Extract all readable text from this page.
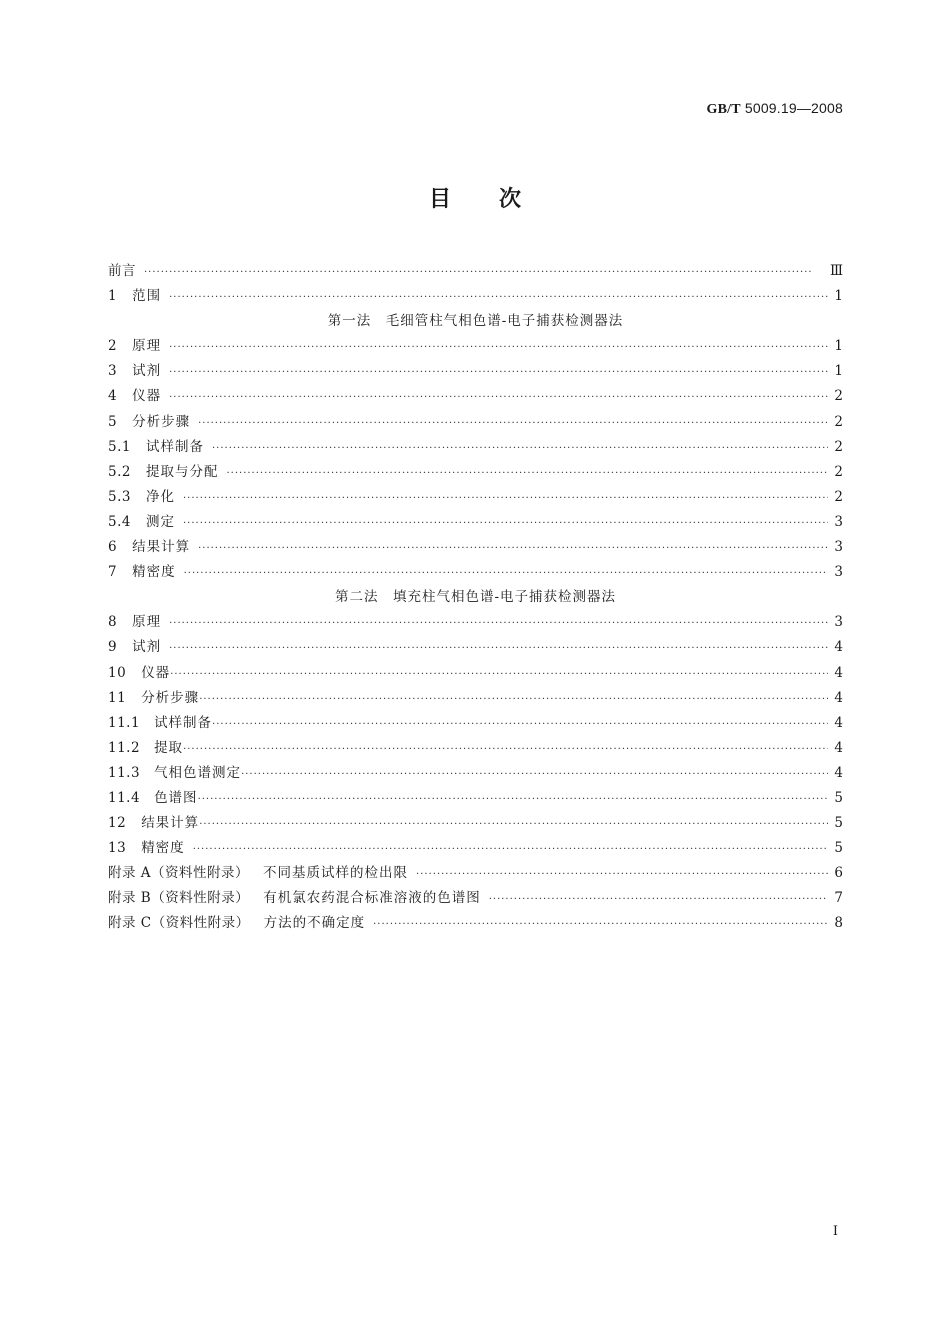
GB/T 5009.19—2008
目 次
前言 ·····	Ⅲ
1 范围 ·····	1
第一法　毛细管柱气相色谱-电子捕获检测器法
2 原理 ·····	1
3 试剂 ·····	1
4 仪器 ·····	2
5 分析步骤 ·····	2
5.1 试样制备 ·····	2
5.2 提取与分配 ·····	2
5.3 净化 ·····	2
5.4 测定 ·····	3
6 结果计算 ·····	3
7 精密度 ·····	3
第二法　填充柱气相色谱-电子捕获检测器法
8 原理 ·····	3
9 试剂 ·····	4
10 仪器 ·····	4
11 分析步骤 ·····	4
11.1 试样制备 ·····	4
11.2 提取 ·····	4
11.3 气相色谱测定 ·····	4
11.4 色谱图 ·····	5
12 结果计算 ·····	5
13 精密度 ·····	5
附录 A（资料性附录） 不同基质试样的检出限 ·····	6
附录 B（资料性附录） 有机氯农药混合标准溶液的色谱图 ·····	7
附录 C（资料性附录） 方法的不确定度 ·····	8
Ⅰ
